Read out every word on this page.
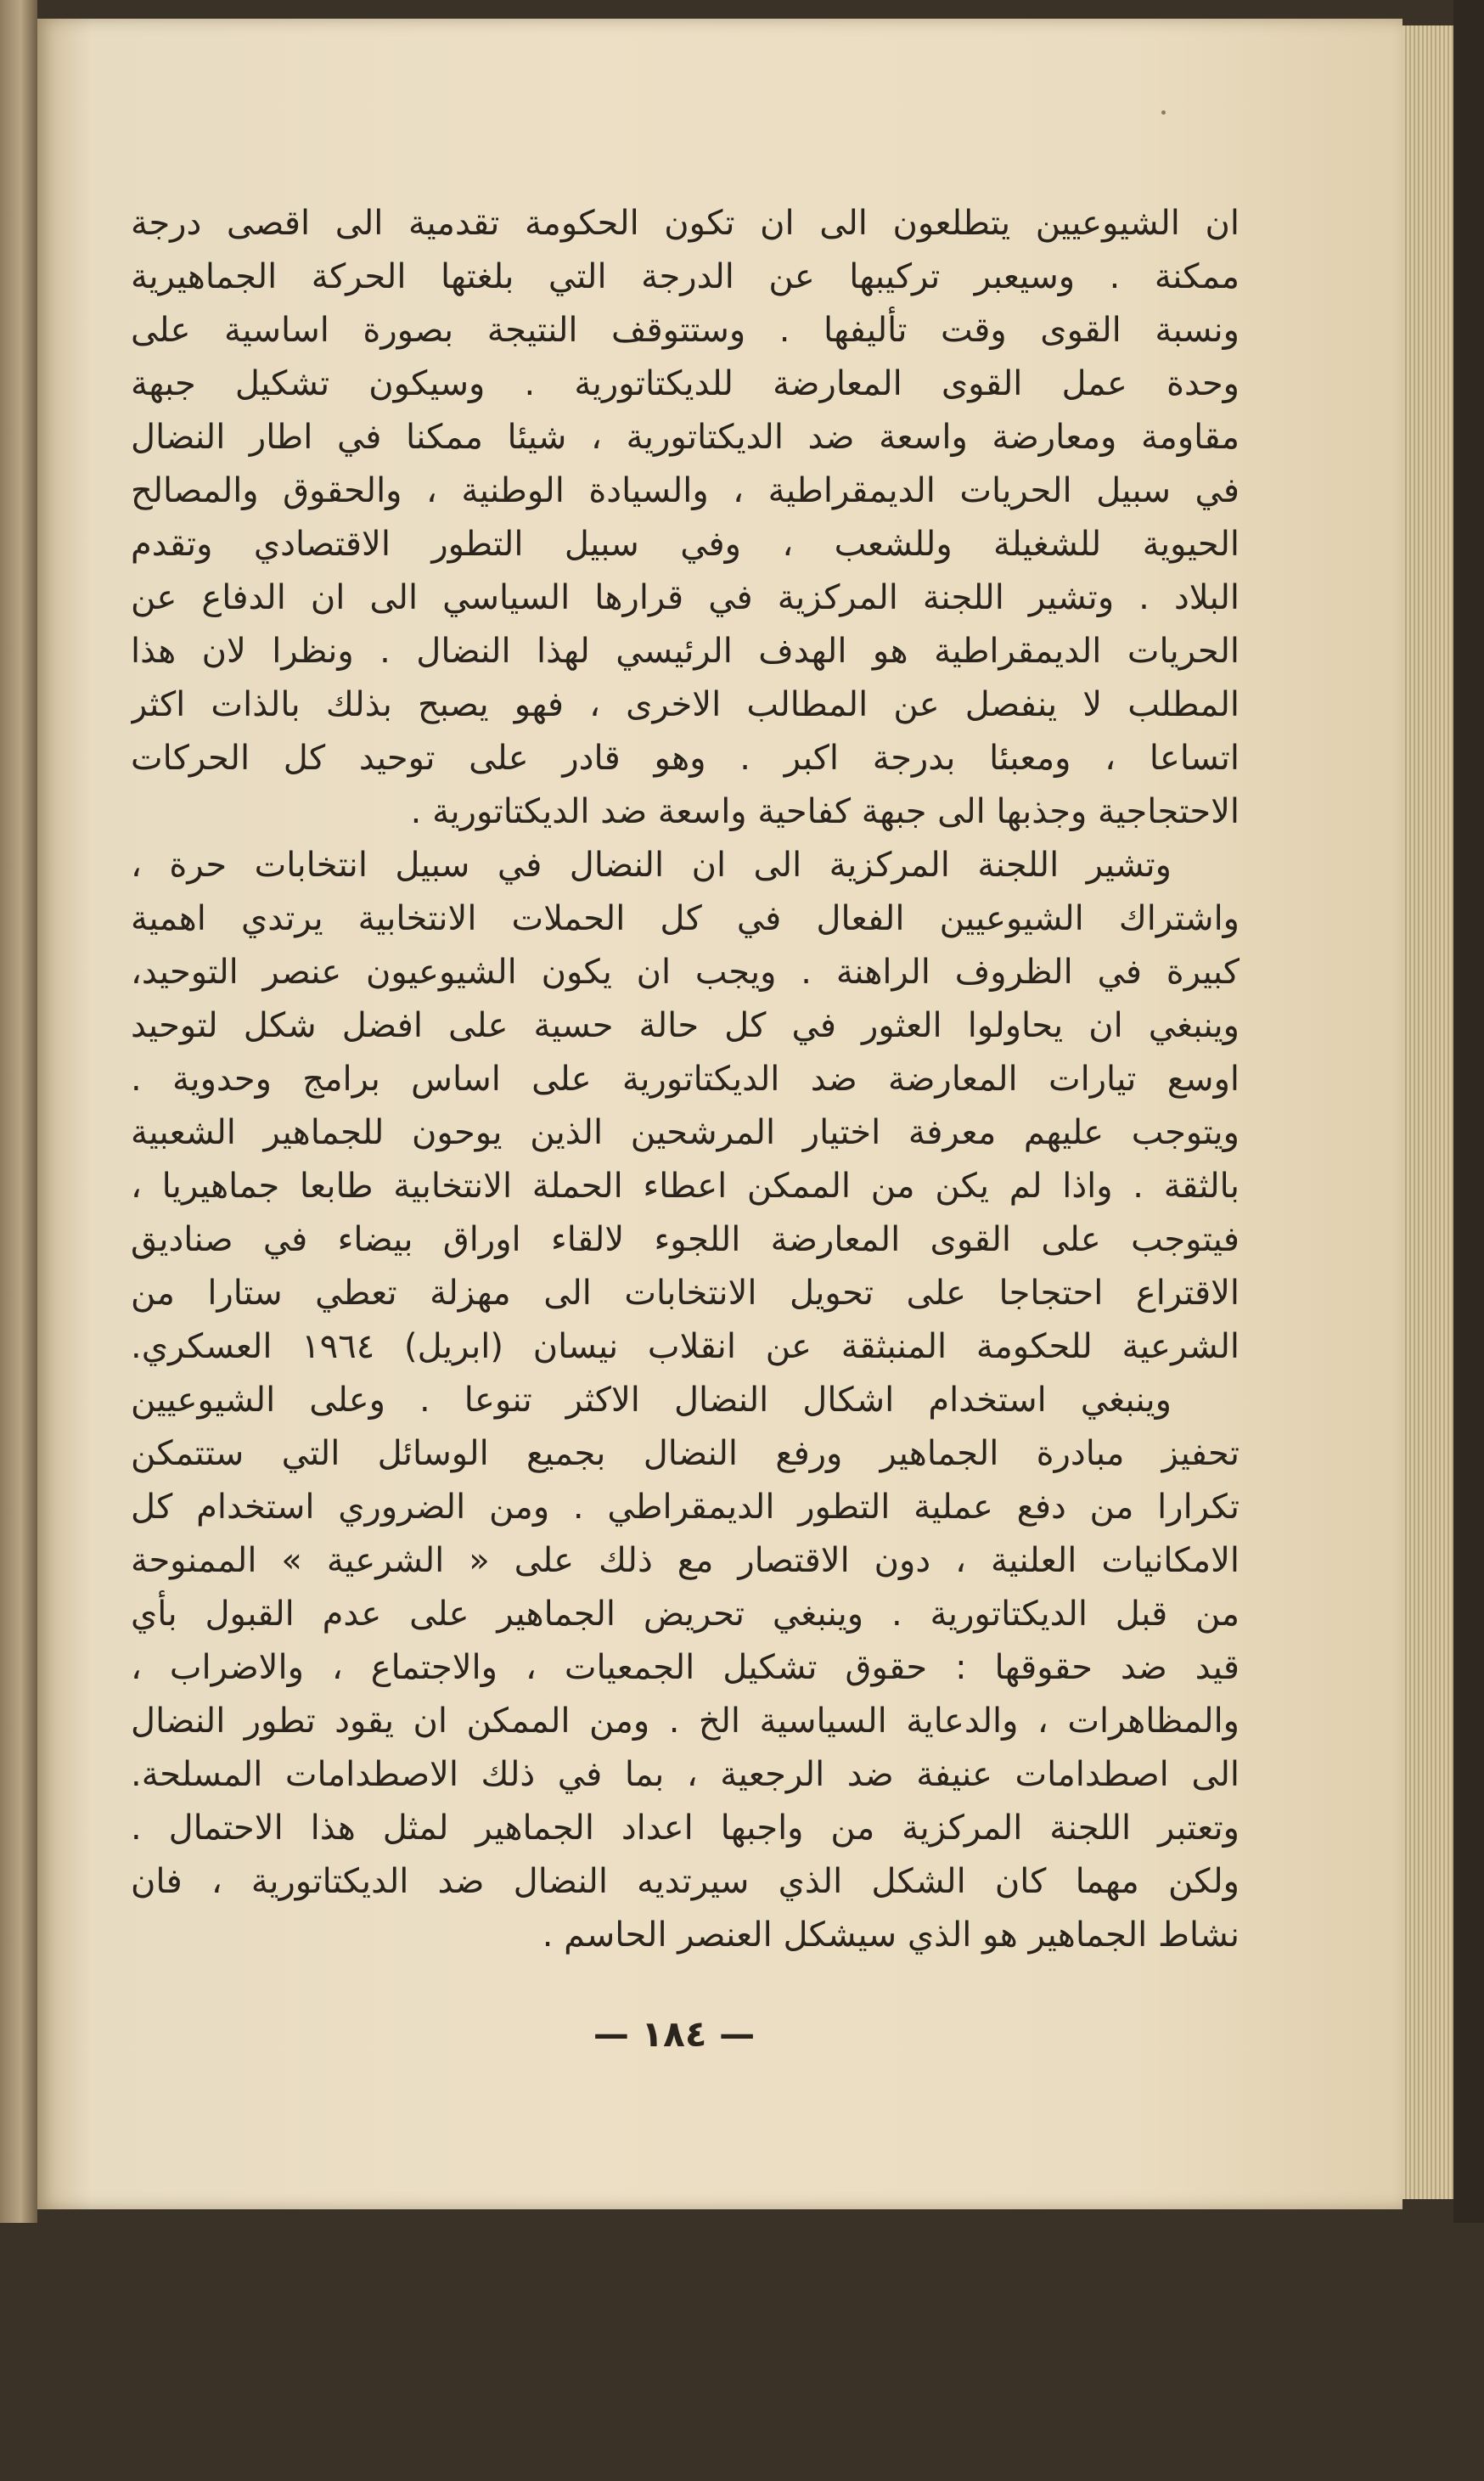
ان الشيوعيين يتطلعون الى ان تكون الحكومة تقدمية الى اقصى درجة
ممكنة . وسيعبر تركيبها عن الدرجة التي بلغتها الحركة الجماهيرية
ونسبة القوى وقت تأليفها . وستتوقف النتيجة بصورة اساسية على
وحدة عمل القوى المعارضة للديكتاتورية . وسيكون تشكيل جبهة
مقاومة ومعارضة واسعة ضد الديكتاتورية ، شيئا ممكنا في اطار النضال
في سبيل الحريات الديمقراطية ، والسيادة الوطنية ، والحقوق والمصالح
الحيوية للشغيلة وللشعب ، وفي سبيل التطور الاقتصادي وتقدم
البلاد . وتشير اللجنة المركزية في قرارها السياسي الى ان الدفاع عن
الحريات الديمقراطية هو الهدف الرئيسي لهذا النضال . ونظرا لان هذا
المطلب لا ينفصل عن المطالب الاخرى ، فهو يصبح بذلك بالذات اكثر
اتساعا ، ومعبئا بدرجة اكبر . وهو قادر على توحيد كل الحركات
الاحتجاجية وجذبها الى جبهة كفاحية واسعة ضد الديكتاتورية .
وتشير اللجنة المركزية الى ان النضال في سبيل انتخابات حرة ،
واشتراك الشيوعيين الفعال في كل الحملات الانتخابية يرتدي اهمية
كبيرة في الظروف الراهنة . ويجب ان يكون الشيوعيون عنصر التوحيد،
وينبغي ان يحاولوا العثور في كل حالة حسية على افضل شكل لتوحيد
اوسع تيارات المعارضة ضد الديكتاتورية على اساس برامج وحدوية .
ويتوجب عليهم معرفة اختيار المرشحين الذين يوحون للجماهير الشعبية
بالثقة . واذا لم يكن من الممكن اعطاء الحملة الانتخابية طابعا جماهيريا ،
فيتوجب على القوى المعارضة اللجوء لالقاء اوراق بيضاء في صناديق
الاقتراع احتجاجا على تحويل الانتخابات الى مهزلة تعطي ستارا من
الشرعية للحكومة المنبثقة عن انقلاب نيسان (ابريل) ١٩٦٤ العسكري.
وينبغي استخدام اشكال النضال الاكثر تنوعا . وعلى الشيوعيين
تحفيز مبادرة الجماهير ورفع النضال بجميع الوسائل التي ستتمكن
تكرارا من دفع عملية التطور الديمقراطي . ومن الضروري استخدام كل
الامكانيات العلنية ، دون الاقتصار مع ذلك على « الشرعية » الممنوحة
من قبل الديكتاتورية . وينبغي تحريض الجماهير على عدم القبول بأي
قيد ضد حقوقها : حقوق تشكيل الجمعيات ، والاجتماع ، والاضراب ،
والمظاهرات ، والدعاية السياسية الخ . ومن الممكن ان يقود تطور النضال
الى اصطدامات عنيفة ضد الرجعية ، بما في ذلك الاصطدامات المسلحة.
وتعتبر اللجنة المركزية من واجبها اعداد الجماهير لمثل هذا الاحتمال .
ولكن مهما كان الشكل الذي سيرتديه النضال ضد الديكتاتورية ، فان
نشاط الجماهير هو الذي سيشكل العنصر الحاسم .
— ١٨٤ —
